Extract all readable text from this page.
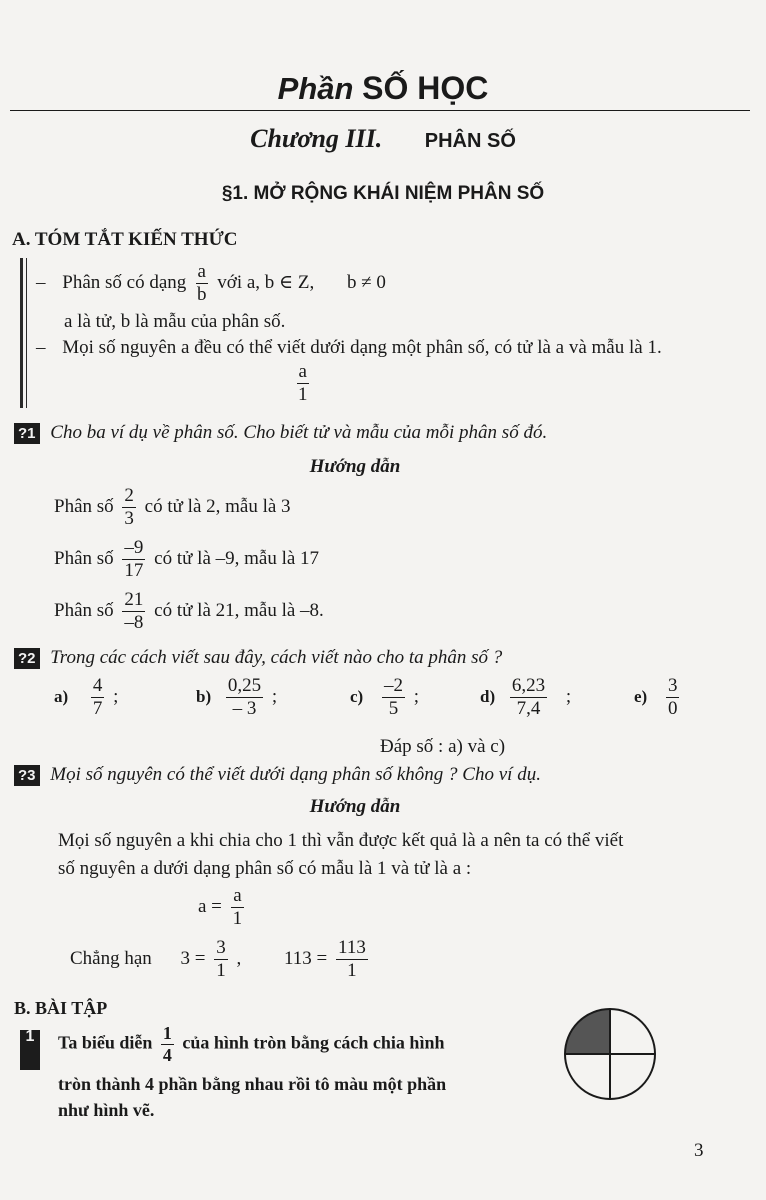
Phần SỐ HỌC
Chương III. PHÂN SỐ
§1. MỞ RỘNG KHÁI NIỆM PHÂN SỐ
A. TÓM TẮT KIẾN THỨC
– Phân số có dạng $\frac{a}{b}$ với a, b ∈ Z, b ≠ 0
a là tử, b là mẫu của phân số.
– Mọi số nguyên a đều có thể viết dưới dạng một phân số, có tử là a và mẫu là 1.
$\frac{a}{1}$
?1 Cho ba ví dụ về phân số. Cho biết tử và mẫu của mỗi phân số đó.
Hướng dẫn
Phân số $\frac{2}{3}$ có tử là 2, mẫu là 3
Phân số $\frac{-9}{17}$ có tử là –9, mẫu là 17
Phân số $\frac{21}{-8}$ có tử là 21, mẫu là –8.
?2 Trong các cách viết sau đây, cách viết nào cho ta phân số ?
$a) \frac{4}{7}$ ;	$b) \frac{0,25}{- 3}$ ;	$c) \frac{-2}{5}$ ;	$d) \frac{6,23}{7,4}$ ;	$e) \frac{3}{0}$
Đáp số : a) và c)
?3 Mọi số nguyên có thể viết dưới dạng phân số không ? Cho ví dụ.
Hướng dẫn
Mọi số nguyên a khi chia cho 1 thì vẫn được kết quả là a nên ta có thể viết
số nguyên a dưới dạng phân số có mẫu là 1 và tử là a :
$a = \frac{a}{1}$
Chẳng hạn $3 = \frac{3}{1}$ , $113 = \frac{113}{1}$
B. BÀI TẬP
1	Ta biểu diễn $\frac{1}{4}$ của hình tròn bằng cách chia hình
tròn thành 4 phần bằng nhau rồi tô màu một phần
như hình vẽ.
3
